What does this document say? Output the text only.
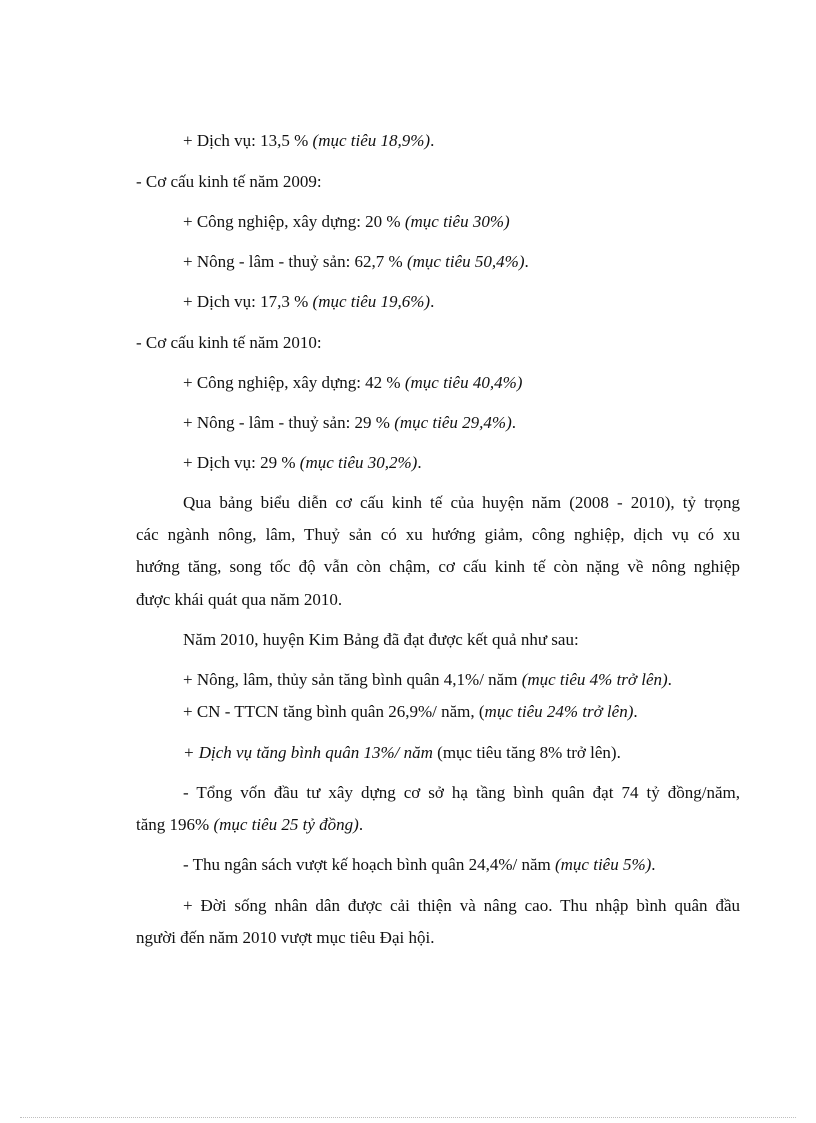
+ Dịch vụ: 13,5 % (mục tiêu 18,9%).
- Cơ cấu kinh tế năm 2009:
+ Công nghiệp, xây dựng: 20 % (mục tiêu 30%)
+ Nông - lâm - thuỷ sản: 62,7 % (mục tiêu 50,4%).
+ Dịch vụ: 17,3 % (mục tiêu 19,6%).
- Cơ cấu kinh tế năm 2010:
+ Công nghiệp, xây dựng: 42 % (mục tiêu 40,4%)
+ Nông - lâm - thuỷ sản: 29 % (mục tiêu 29,4%).
+ Dịch vụ: 29 % (mục tiêu 30,2%).
Qua bảng biểu diễn cơ cấu kinh tế của huyện năm (2008 - 2010), tỷ trọng
các ngành nông, lâm, Thuỷ sản có xu hướng giảm, công nghiệp, dịch vụ có xu
hướng tăng, song tốc độ vẫn còn chậm, cơ cấu kinh tế còn nặng về nông nghiệp
được khái quát qua năm 2010.
Năm 2010, huyện Kim Bảng đã đạt được kết quả như sau:
+ Nông, lâm, thủy sản tăng bình quân 4,1%/ năm (mục tiêu 4% trở lên).
+ CN - TTCN tăng bình quân 26,9%/ năm, (mục tiêu 24% trở lên).
+ Dịch vụ tăng bình quân 13%/ năm (mục tiêu tăng 8% trở lên).
- Tổng vốn đầu tư xây dựng cơ sở hạ tầng bình quân đạt 74 tỷ đồng/năm,
tăng 196% (mục tiêu 25 tỷ đồng).
- Thu ngân sách vượt kế hoạch bình quân 24,4%/ năm (mục tiêu 5%).
+ Đời sống nhân dân được cải thiện và nâng cao. Thu nhập bình quân đầu
người đến năm 2010 vượt mục tiêu Đại hội.
